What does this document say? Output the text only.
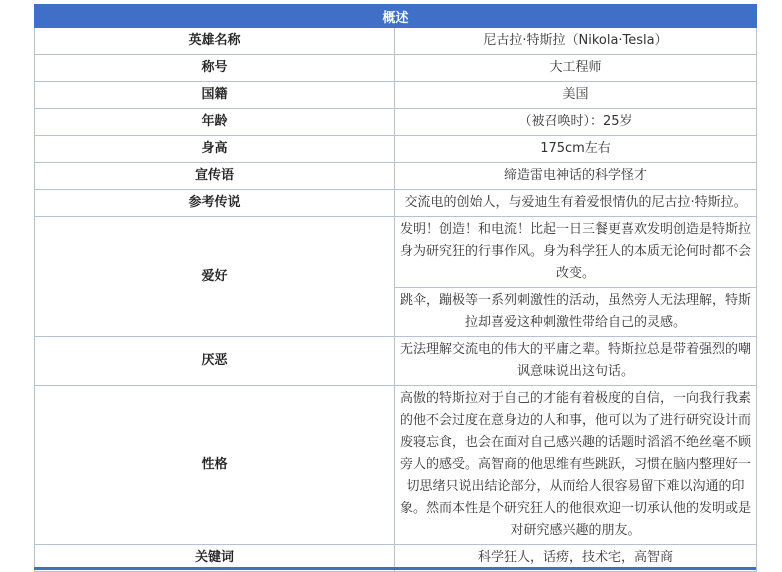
概述	
英雄名称	尼古拉·特斯拉（Nikola·Tesla）
称号	大工程师
国籍	美国
年龄	（被召唤时）：25岁
身高	175cm左右
宣传语	缔造雷电神话的科学怪才
参考传说	交流电的创始人，与爱迪生有着爱恨情仇的尼古拉·特斯拉。
爱好	发明！创造！和电流！比起一日三餐更喜欢发明创造是特斯拉身为研究狂的行事作风。身为科学狂人的本质无论何时都不会改变。
	跳伞，蹦极等一系列刺激性的活动，虽然旁人无法理解，特斯拉却喜爱这种刺激性带给自己的灵感。
厌恶	无法理解交流电的伟大的平庸之辈。特斯拉总是带着强烈的嘲讽意味说出这句话。
性格	高傲的特斯拉对于自己的才能有着极度的自信，一向我行我素的他不会过度在意身边的人和事，他可以为了进行研究设计而废寝忘食，也会在面对自己感兴趣的话题时滔滔不绝丝毫不顾旁人的感受。高智商的他思维有些跳跃，习惯在脑内整理好一切思绪只说出结论部分，从而给人很容易留下难以沟通的印象。然而本性是个研究狂人的他很欢迎一切承认他的发明或是对研究感兴趣的朋友。
关键词	科学狂人，话痨，技术宅，高智商
